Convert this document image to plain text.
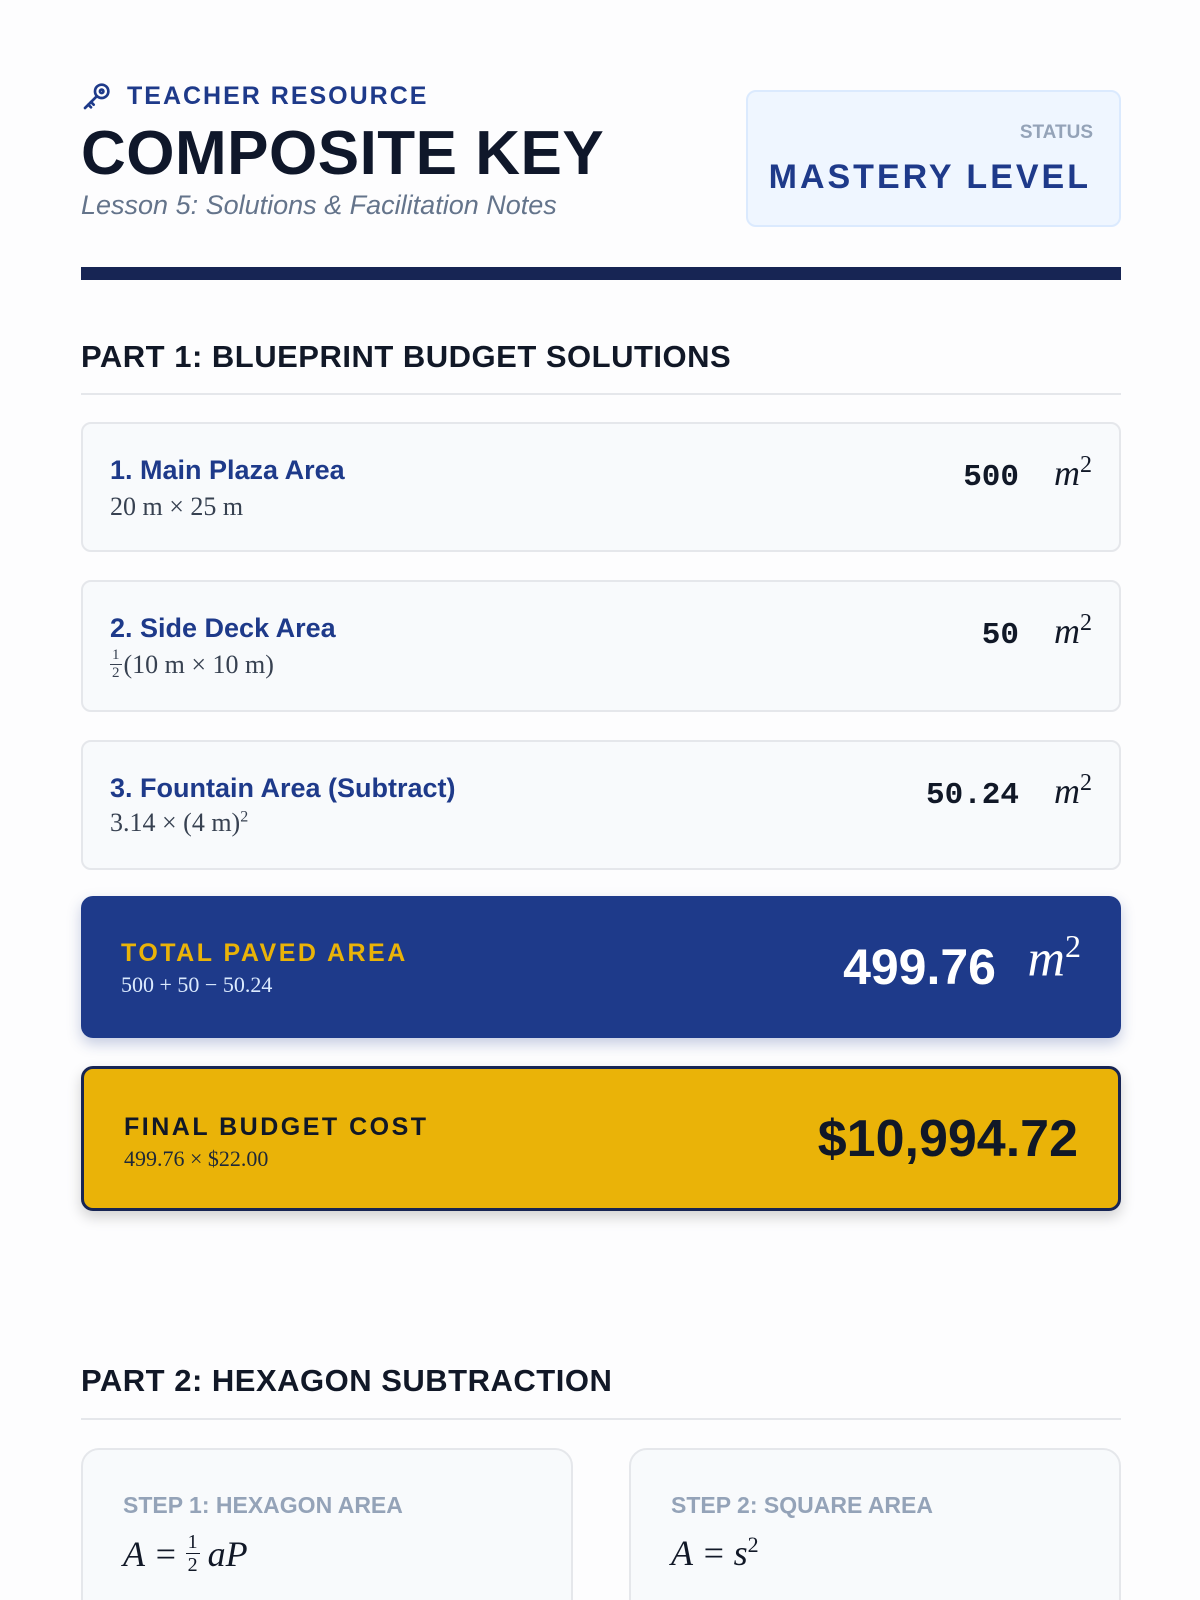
TEACHER RESOURCE
COMPOSITE KEY
Lesson 5: Solutions & Facilitation Notes
STATUS
MASTERY LEVEL
PART 1: BLUEPRINT BUDGET SOLUTIONS
1. Main Plaza Area
20 m × 25 m
500 $m^2$
2. Side Deck Area
$\frac{1}{2} (10$ m × 10 m)
50 $m^2$
3. Fountain Area (Subtract)
3.14 × (4 m)$^2$
50.24 $m^2$
TOTAL PAVED AREA
500 + 50 − 50.24	499.76 $m^2$
FINAL BUDGET COST
499.76 × $22.00	$10,994.72
PART 2: HEXAGON SUBTRACTION
STEP 1: HEXAGON AREA
$A = \frac{1}{2}$ aP
STEP 2: SQUARE AREA
$A = s^2$
